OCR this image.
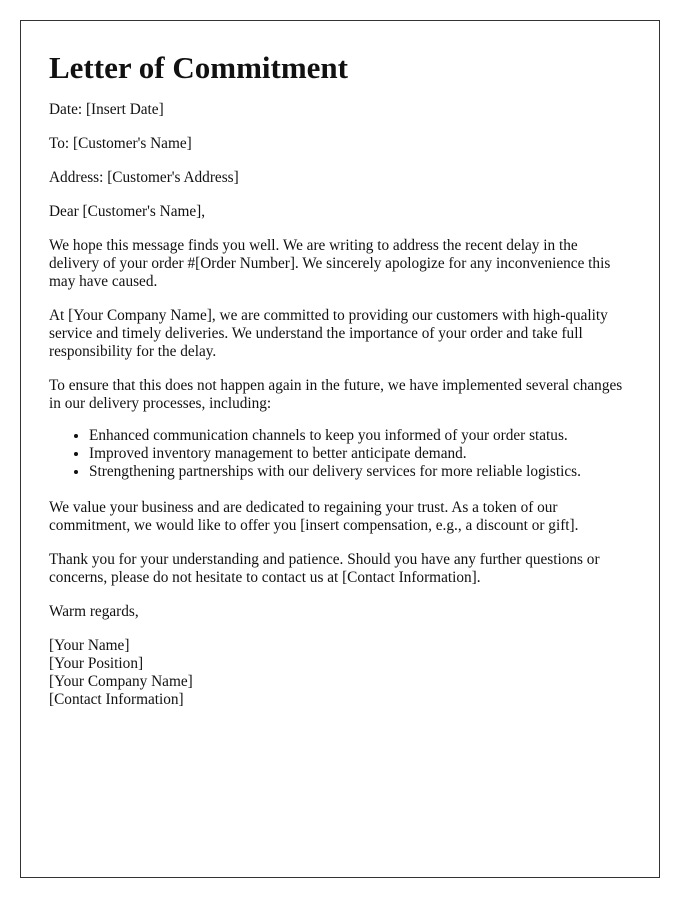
Letter of Commitment

Date: [Insert Date]

To: [Customer's Name]

Address: [Customer's Address]

Dear [Customer's Name],

We hope this message finds you well. We are writing to address the recent delay in the delivery of your order #[Order Number]. We sincerely apologize for any inconvenience this may have caused.

At [Your Company Name], we are committed to providing our customers with high-quality service and timely deliveries. We understand the importance of your order and take full responsibility for the delay.

To ensure that this does not happen again in the future, we have implemented several changes in our delivery processes, including:

• Enhanced communication channels to keep you informed of your order status.
• Improved inventory management to better anticipate demand.
• Strengthening partnerships with our delivery services for more reliable logistics.

We value your business and are dedicated to regaining your trust. As a token of our commitment, we would like to offer you [insert compensation, e.g., a discount or gift].

Thank you for your understanding and patience. Should you have any further questions or concerns, please do not hesitate to contact us at [Contact Information].

Warm regards,

[Your Name]
[Your Position]
[Your Company Name]
[Contact Information]
